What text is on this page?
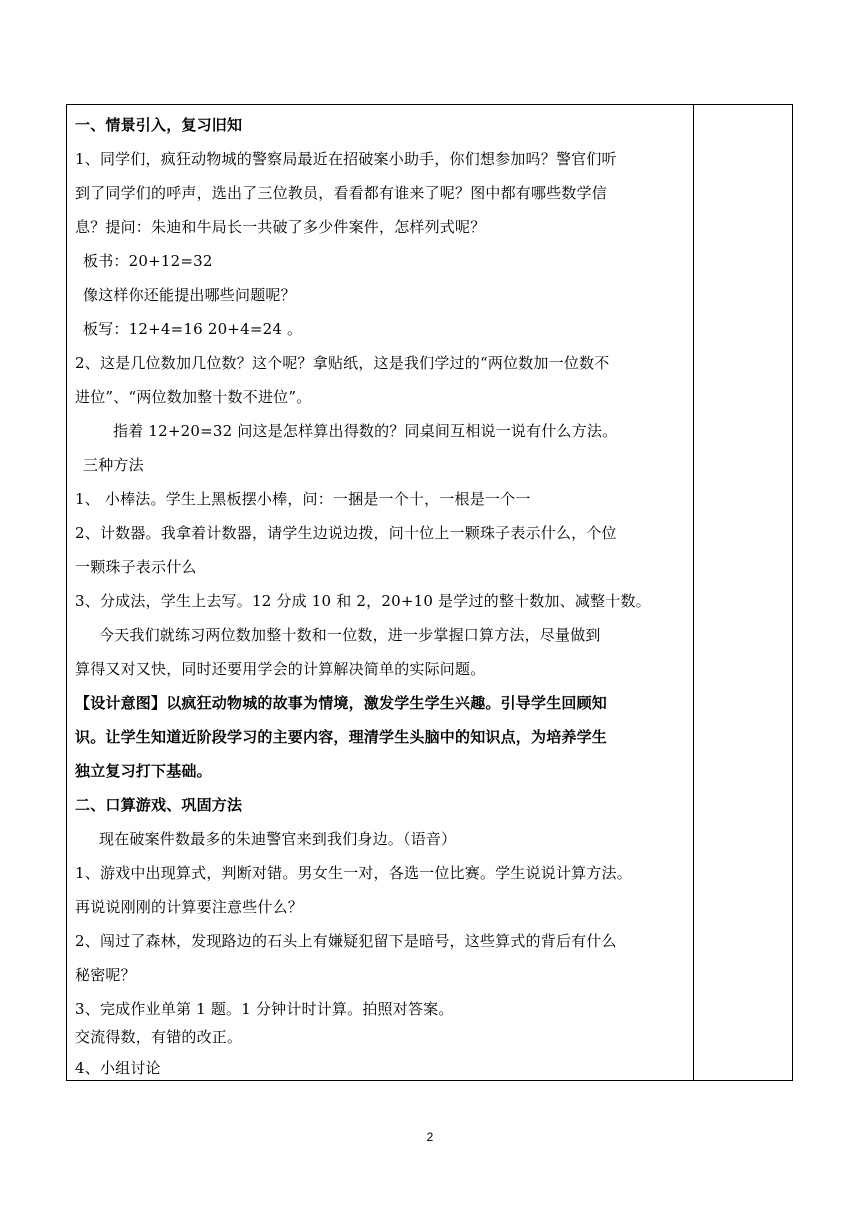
一、情景引入，复习旧知
1、同学们，疯狂动物城的警察局最近在招破案小助手，你们想参加吗？警官们听
到了同学们的呼声，选出了三位教员，看看都有谁来了呢？图中都有哪些数学信
息？提问：朱迪和牛局长一共破了多少件案件，怎样列式呢？
板书：20+12=32
像这样你还能提出哪些问题呢？
板写：12+4=16 20+4=24 。
2、这是几位数加几位数？这个呢？拿贴纸，这是我们学过的“两位数加一位数不
进位”、“两位数加整十数不进位”。
指着 12+20=32 问这是怎样算出得数的？同桌间互相说一说有什么方法。
三种方法
1、 小棒法。学生上黑板摆小棒，问：一捆是一个十，一根是一个一
2、计数器。我拿着计数器，请学生边说边拨，问十位上一颗珠子表示什么，个位
一颗珠子表示什么
3、分成法，学生上去写。12 分成 10 和 2，20+10 是学过的整十数加、减整十数。
今天我们就练习两位数加整十数和一位数，进一步掌握口算方法，尽量做到
算得又对又快，同时还要用学会的计算解决简单的实际问题。
【设计意图】以疯狂动物城的故事为情境，激发学生学生兴趣。引导学生回顾知
识。让学生知道近阶段学习的主要内容，理清学生头脑中的知识点，为培养学生
独立复习打下基础。
二、口算游戏、巩固方法
现在破案件数最多的朱迪警官来到我们身边。（语音）
1、游戏中出现算式，判断对错。男女生一对，各选一位比赛。学生说说计算方法。
再说说刚刚的计算要注意些什么？
2、闯过了森林，发现路边的石头上有嫌疑犯留下是暗号，这些算式的背后有什么
秘密呢？
3、完成作业单第 1 题。1 分钟计时计算。拍照对答案。
交流得数，有错的改正。
4、小组讨论
2
